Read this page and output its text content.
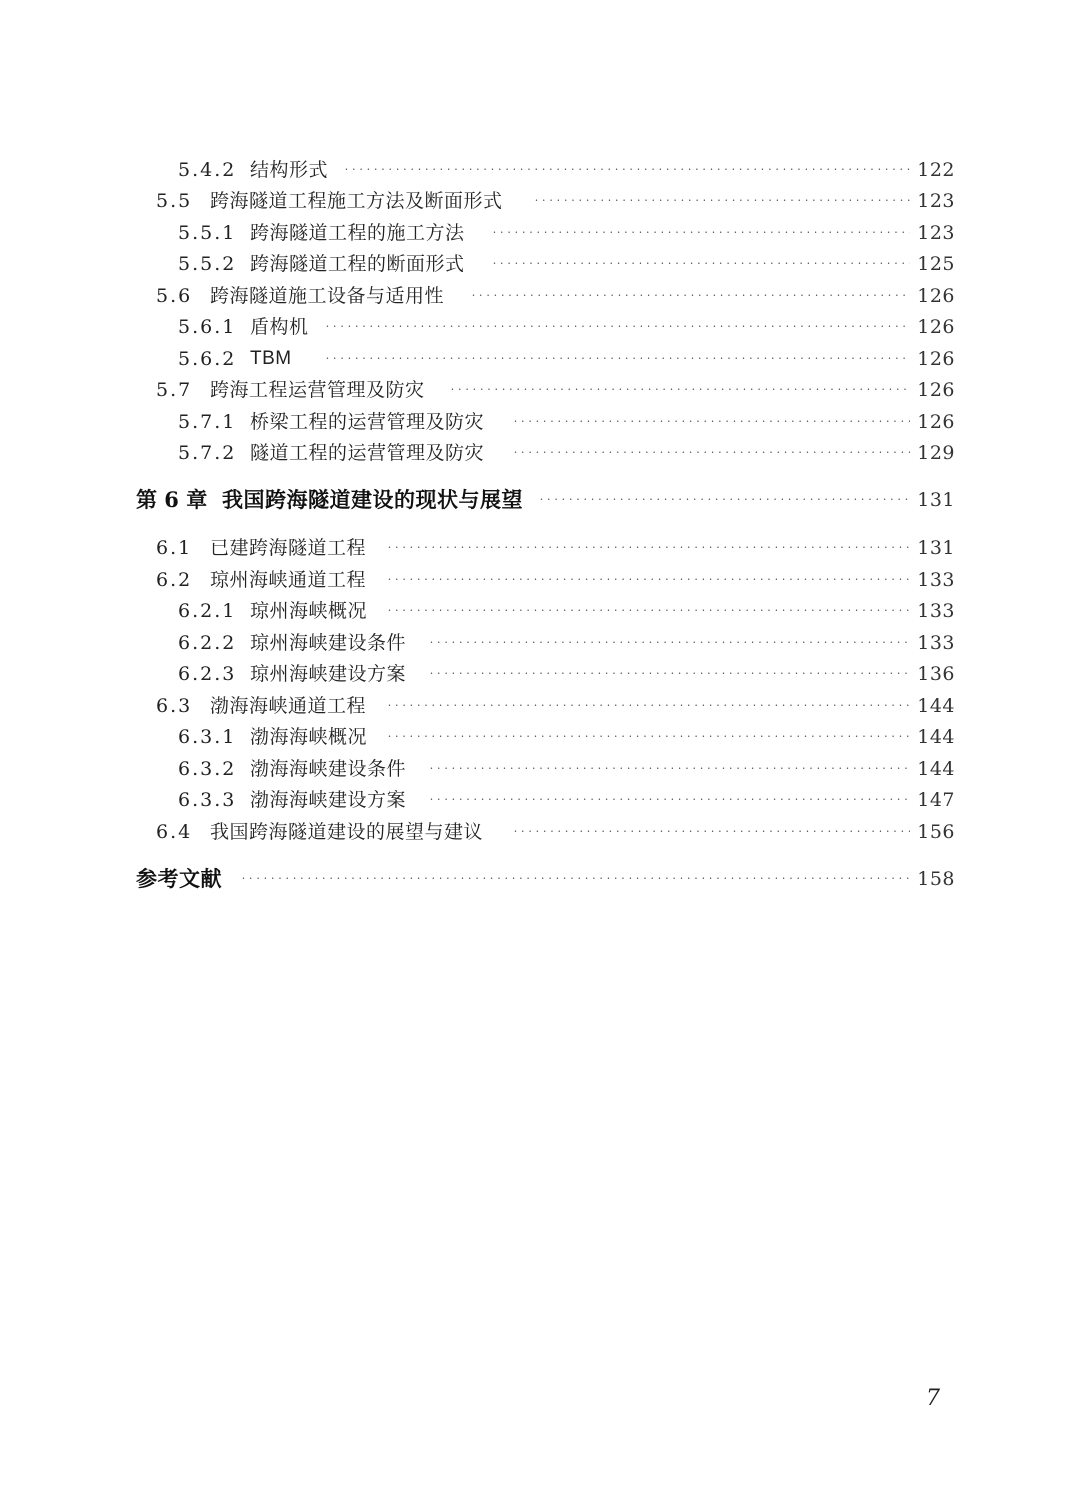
5.4.2 结构形式 •••••	122
5.5 跨海隧道工程施工方法及断面形式 •••••	123
5.5.1 跨海隧道工程的施工方法 •••••	123
5.5.2 跨海隧道工程的断面形式 •••••	125
5.6 跨海隧道施工设备与适用性 •••••	126
5.6.1 盾构机 •••••	126
5.6.2 TBM •••••	126
5.7 跨海工程运营管理及防灾 •••••	126
5.7.1 桥梁工程的运营管理及防灾 •••••	126
5.7.2 隧道工程的运营管理及防灾 •••••	129
第 6 章 我国跨海隧道建设的现状与展望 •••••	131
6.1 已建跨海隧道工程 •••••	131
6.2 琼州海峡通道工程 •••••	133
6.2.1 琼州海峡概况 •••••	133
6.2.2 琼州海峡建设条件 •••••	133
6.2.3 琼州海峡建设方案 •••••	136
6.3 渤海海峡通道工程 •••••	144
6.3.1 渤海海峡概况 •••••	144
6.3.2 渤海海峡建设条件 •••••	144
6.3.3 渤海海峡建设方案 •••••	147
6.4 我国跨海隧道建设的展望与建议 •••••	156
参考文献 •••••	158
7
